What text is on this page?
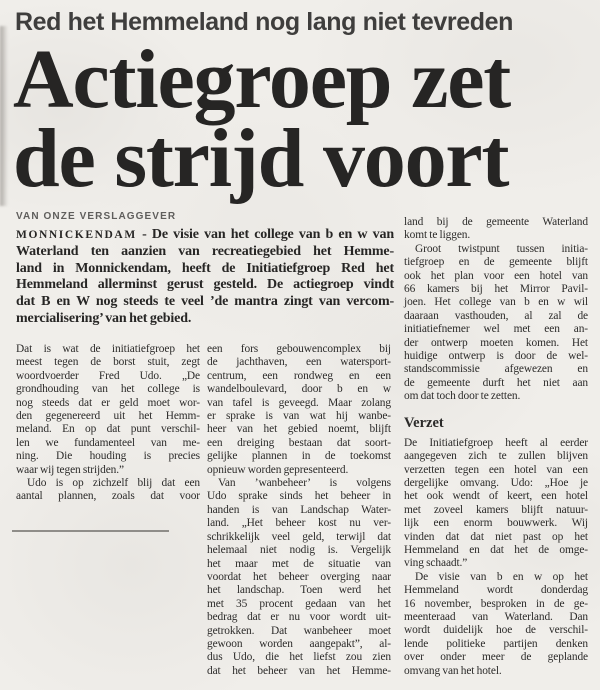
Red het Hemmeland nog lang niet tevreden
Actiegroep zet
de strijd voort
VAN ONZE VERSLAGGEVER
MONNICKENDAM - De visie van het college van b en w van
Waterland ten aanzien van recreatiegebied het Hemme-
land in Monnickendam, heeft de Initiatiefgroep Red het
Hemmeland allerminst gerust gesteld. De actiegroep vindt
dat B en W nog steeds te veel ’de mantra zingt van vercom-
mercialisering’ van het gebied.
Dat is wat de initiatiefgroep het
meest tegen de borst stuit, zegt
woordvoerder Fred Udo. „De
grondhouding van het college is
nog steeds dat er geld moet wor-
den gegenereerd uit het Hemm-
meland. En op dat punt verschil-
len we fundamenteel van me-
ning. Die houding is precies
waar wij tegen strijden.”
Udo is op zichzelf blij dat een
aantal plannen, zoals dat voor
een fors gebouwencomplex bij
de jachthaven, een watersport-
centrum, een rondweg en een
wandelboulevard, door b en w
van tafel is geveegd. Maar zolang
er sprake is van wat hij wanbe-
heer van het gebied noemt, blijft
een dreiging bestaan dat soort-
gelijke plannen in de toekomst
opnieuw worden gepresenteerd.
Van ’wanbeheer’ is volgens
Udo sprake sinds het beheer in
handen is van Landschap Water-
land. „Het beheer kost nu ver-
schrikkelijk veel geld, terwijl dat
helemaal niet nodig is. Vergelijk
het maar met de situatie van
voordat het beheer overging naar
het landschap. Toen werd het
met 35 procent gedaan van het
bedrag dat er nu voor wordt uit-
getrokken. Dat wanbeheer moet
gewoon worden aangepakt”, al-
dus Udo, die het liefst zou zien
dat het beheer van het Hemme-
land bij de gemeente Waterland
komt te liggen.
Groot twistpunt tussen initia-
tiefgroep en de gemeente blijft
ook het plan voor een hotel van
66 kamers bij het Mirror Pavil-
joen. Het college van b en w wil
daaraan vasthouden, al zal de
initiatiefnemer wel met een an-
der ontwerp moeten komen. Het
huidige ontwerp is door de wel-
standscommissie afgewezen en
de gemeente durft het niet aan
om dat toch door te zetten.
Verzet
De Initiatiefgroep heeft al eerder
aangegeven zich te zullen blijven
verzetten tegen een hotel van een
dergelijke omvang. Udo: „Hoe je
het ook wendt of keert, een hotel
met zoveel kamers blijft natuur-
lijk een enorm bouwwerk. Wij
vinden dat dat niet past op het
Hemmeland en dat het de omge-
ving schaadt.”
De visie van b en w op het
Hemmeland wordt donderdag
16 november, besproken in de ge-
meenteraad van Waterland. Dan
wordt duidelijk hoe de verschil-
lende politieke partijen denken
over onder meer de geplande
omvang van het hotel.
